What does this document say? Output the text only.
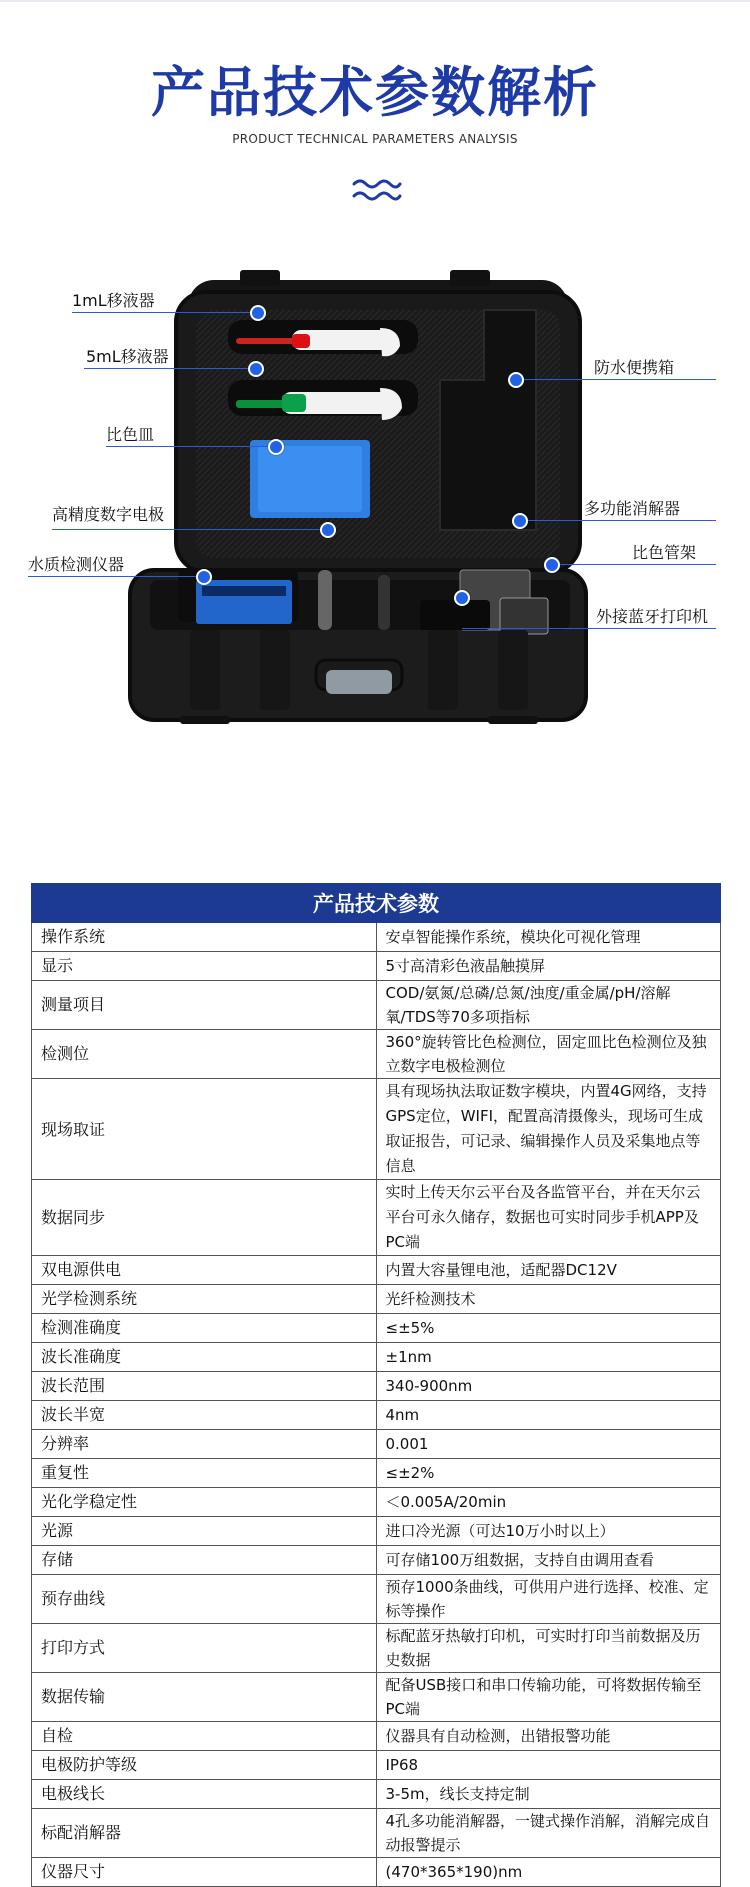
产品技术参数解析
PRODUCT TECHNICAL PARAMETERS ANALYSIS
1mL移液器
5mL移液器
比色皿
高精度数字电极
水质检测仪器
防水便携箱
多功能消解器
比色管架
外接蓝牙打印机
产品技术参数	
操作系统	安卓智能操作系统，模块化可视化管理
显示	5寸高清彩色液晶触摸屏
测量项目	COD/氨氮/总磷/总氮/浊度/重金属/pH/溶解氧/TDS等70多项指标
检测位	360°旋转管比色检测位，固定皿比色检测位及独立数字电极检测位
现场取证	具有现场执法取证数字模块，内置4G网络，支持GPS定位，WIFI，配置高清摄像头，现场可生成取证报告，可记录、编辑操作人员及采集地点等信息
数据同步	实时上传天尔云平台及各监管平台，并在天尔云平台可永久储存，数据也可实时同步手机APP及PC端
双电源供电	内置大容量锂电池，适配器DC12V
光学检测系统	光纤检测技术
检测准确度	≤±5%
波长准确度	±1nm
波长范围	340-900nm
波长半宽	4nm
分辨率	0.001
重复性	≤±2%
光化学稳定性	＜0.005A/20min
光源	进口冷光源（可达10万小时以上）
存储	可存储100万组数据，支持自由调用查看
预存曲线	预存1000条曲线，可供用户进行选择、校准、定标等操作
打印方式	标配蓝牙热敏打印机，可实时打印当前数据及历史数据
数据传输	配备USB接口和串口传输功能，可将数据传输至PC端
自检	仪器具有自动检测，出错报警功能
电极防护等级	IP68
电极线长	3-5m，线长支持定制
标配消解器	4孔多功能消解器，一键式操作消解，消解完成自动报警提示
仪器尺寸	(470*365*190)nm
